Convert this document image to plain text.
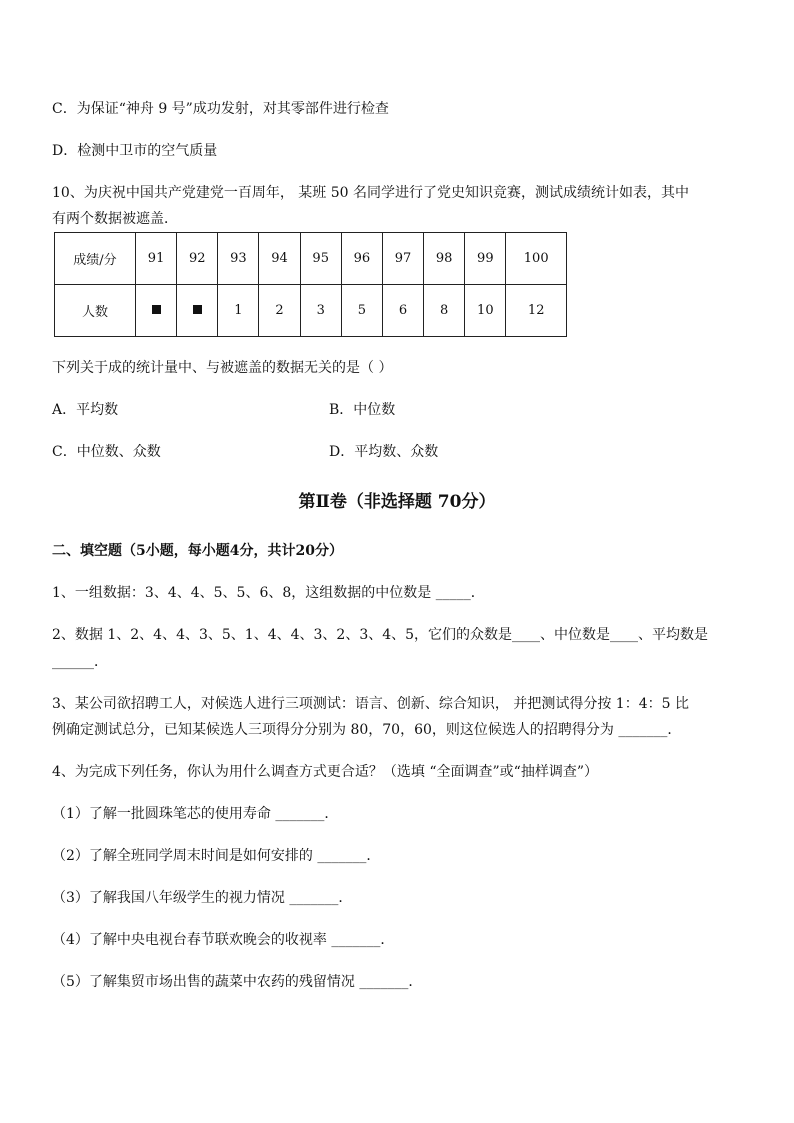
C．为保证“神舟 9 号”成功发射，对其零部件进行检查
D．检测中卫市的空气质量
10、为庆祝中国共产党建党一百周年， 某班 50 名同学进行了党史知识竞赛，测试成绩统计如表，其中
有两个数据被遮盖．
成绩/分	91	92	93	94	95	96	97	98	99	100
人数			1	2	3	5	6	8	10	12
下列关于成的统计量中、与被遮盖的数据无关的是（ ）
A．平均数	B．中位数
C．中位数、众数	D．平均数、众数
第Ⅱ卷（非选择题 70分）
二、填空题（5小题，每小题4分，共计20分）
1、一组数据：3、4、4、5、5、6、8，这组数据的中位数是 _____．
2、数据 1、2、4、4、3、5、1、4、4、3、2、3、4、5，它们的众数是____、中位数是____、平均数是
______．
3、某公司欲招聘工人，对候选人进行三项测试：语言、创新、综合知识， 并把测试得分按 1：4：5 比
例确定测试总分，已知某候选人三项得分分别为 80，70，60，则这位候选人的招聘得分为 _______．
4、为完成下列任务，你认为用什么调查方式更合适？（选填 “全面调查”或“抽样调查”）
（1）了解一批圆珠笔芯的使用寿命 _______．
（2）了解全班同学周末时间是如何安排的 _______．
（3）了解我国八年级学生的视力情况 _______．
（4）了解中央电视台春节联欢晚会的收视率 _______．
（5）了解集贸市场出售的蔬菜中农药的残留情况 _______．
